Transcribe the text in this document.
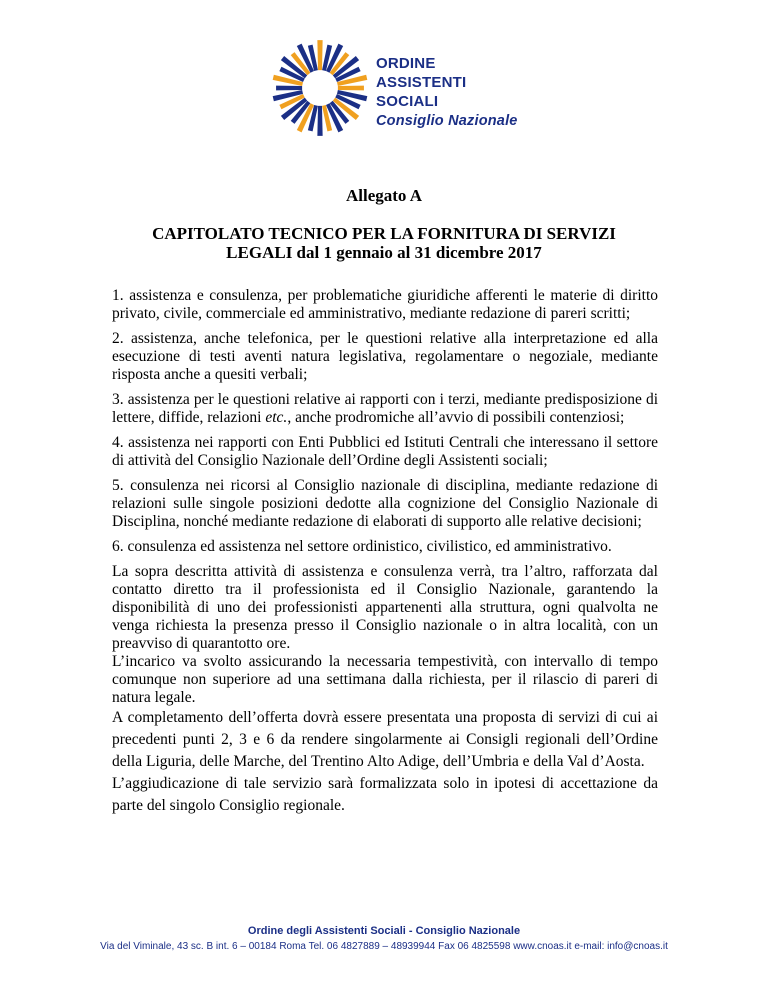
ORDINE
ASSISTENTI
SOCIALI
Consiglio Nazionale
Allegato A
CAPITOLATO TECNICO PER LA FORNITURA DI SERVIZI
LEGALI dal 1 gennaio al 31 dicembre 2017

1. assistenza e consulenza, per problematiche giuridiche afferenti le materie di diritto privato, civile, commerciale ed amministrativo, mediante redazione di pareri scritti;

2. assistenza, anche telefonica, per le questioni relative alla interpretazione ed alla esecuzione di testi aventi natura legislativa, regolamentare o negoziale, mediante risposta anche a quesiti verbali;

3. assistenza per le questioni relative ai rapporti con i terzi, mediante predisposizione di lettere, diffide, relazioni etc., anche prodromiche all’avvio di possibili contenziosi;

4. assistenza nei rapporti con Enti Pubblici ed Istituti Centrali che interessano il settore di attività del Consiglio Nazionale dell’Ordine degli Assistenti sociali;

5. consulenza nei ricorsi al Consiglio nazionale di disciplina, mediante redazione di relazioni sulle singole posizioni dedotte alla cognizione del Consiglio Nazionale di Disciplina, nonché mediante redazione di elaborati di supporto alle relative decisioni;

6. consulenza ed assistenza nel settore ordinistico, civilistico, ed amministrativo.

La sopra descritta attività di assistenza e consulenza verrà, tra l’altro, rafforzata dal contatto diretto tra il professionista ed il Consiglio Nazionale, garantendo la disponibilità di uno dei professionisti appartenenti alla struttura, ogni qualvolta ne venga richiesta la presenza presso il Consiglio nazionale o in altra località, con un preavviso di quarantotto ore.

L’incarico va svolto assicurando la necessaria tempestività, con intervallo di tempo comunque non superiore ad una settimana dalla richiesta, per il rilascio di pareri di natura legale.

A completamento dell’offerta dovrà essere presentata una proposta di servizi di cui ai precedenti punti 2, 3 e 6 da rendere singolarmente ai Consigli regionali dell’Ordine della Liguria, delle Marche, del Trentino Alto Adige, dell’Umbria e della Val d’Aosta.

L’aggiudicazione di tale servizio sarà formalizzata solo in ipotesi di accettazione da parte del singolo Consiglio regionale.

Ordine degli Assistenti Sociali - Consiglio Nazionale
Via del Viminale, 43 sc. B int. 6 – 00184 Roma Tel. 06 4827889 – 48939944 Fax 06 4825598 www.cnoas.it e-mail: info@cnoas.it
